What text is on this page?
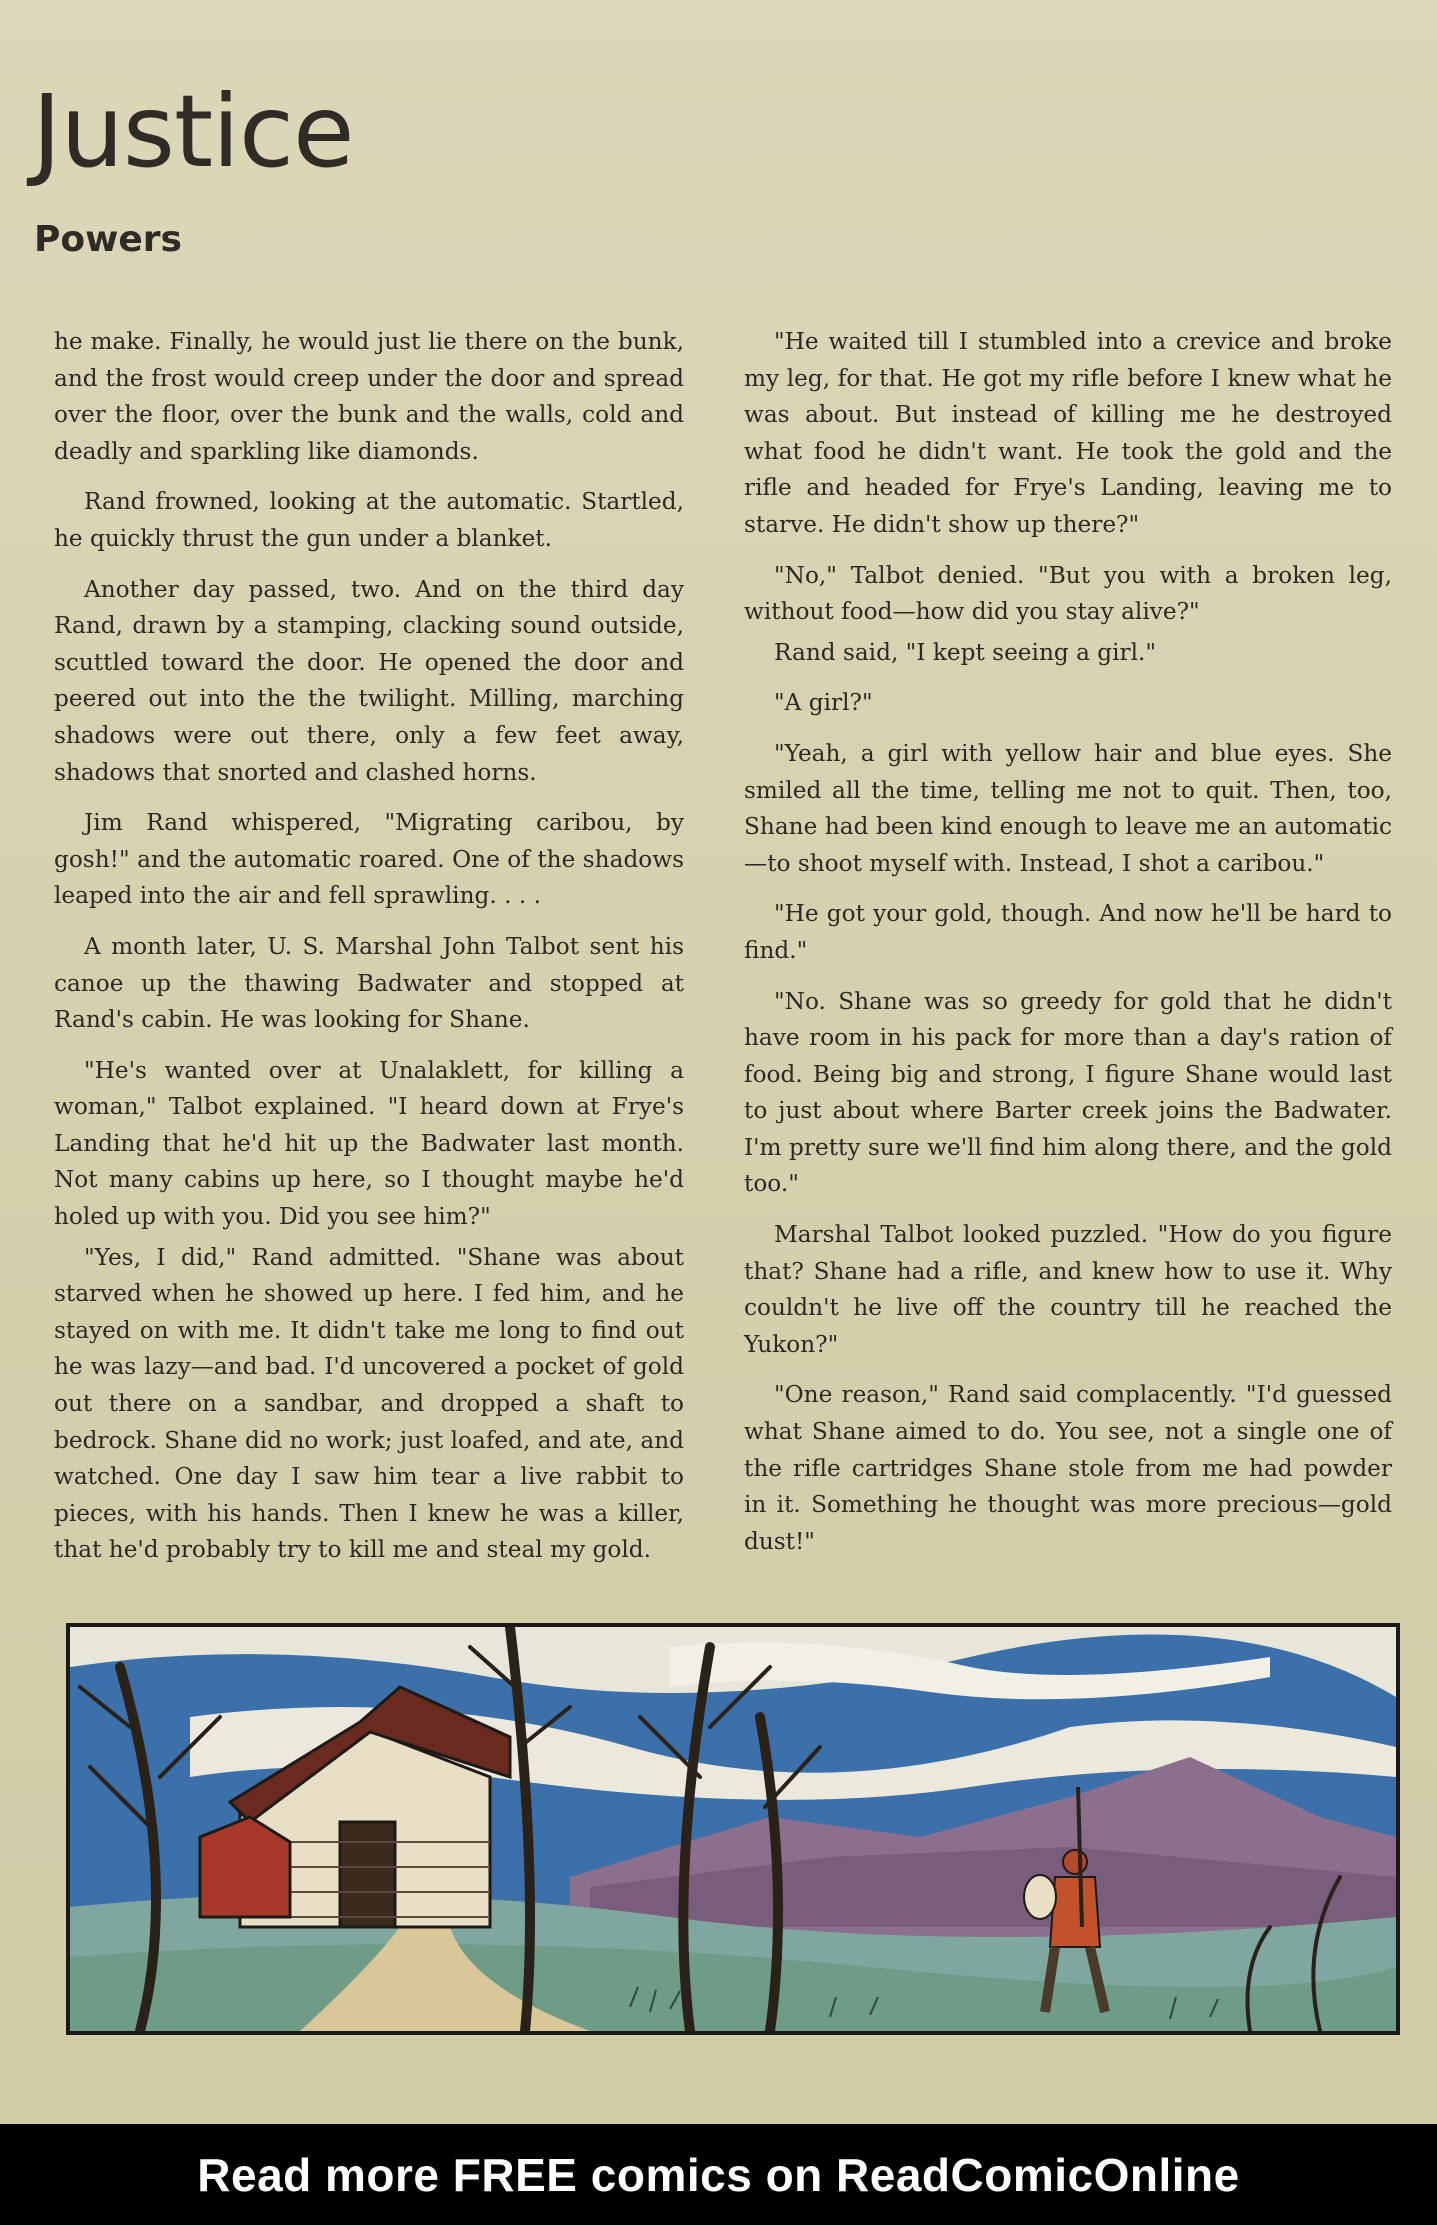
Justice
Powers

he make. Finally, he would just lie there on the bunk, and the frost would creep under the door and spread over the floor, over the bunk and the walls, cold and deadly and sparkling like diamonds.

Rand frowned, looking at the automatic. Startled, he quickly thrust the gun under a blanket.

Another day passed, two. And on the third day Rand, drawn by a stamping, clacking sound outside, scuttled toward the door. He opened the door and peered out into the the twilight. Milling, marching shadows were out there, only a few feet away, shadows that snorted and clashed horns.

Jim Rand whispered, "Migrating caribou, by gosh!" and the automatic roared. One of the shadows leaped into the air and fell sprawling. . . .

A month later, U. S. Marshal John Talbot sent his canoe up the thawing Badwater and stopped at Rand's cabin. He was looking for Shane.

"He's wanted over at Unalaklett, for killing a woman," Talbot explained. "I heard down at Frye's Landing that he'd hit up the Badwater last month. Not many cabins up here, so I thought maybe he'd holed up with you. Did you see him?"

"Yes, I did," Rand admitted. "Shane was about starved when he showed up here. I fed him, and he stayed on with me. It didn't take me long to find out he was lazy—and bad. I'd uncovered a pocket of gold out there on a sandbar, and dropped a shaft to bedrock. Shane did no work; just loafed, and ate, and watched. One day I saw him tear a live rabbit to pieces, with his hands. Then I knew he was a killer, that he'd probably try to kill me and steal my gold.

"He waited till I stumbled into a crevice and broke my leg, for that. He got my rifle before I knew what he was about. But instead of killing me he destroyed what food he didn't want. He took the gold and the rifle and headed for Frye's Landing, leaving me to starve. He didn't show up there?"

"No," Talbot denied. "But you with a broken leg, without food—how did you stay alive?"

Rand said, "I kept seeing a girl."

"A girl?"

"Yeah, a girl with yellow hair and blue eyes. She smiled all the time, telling me not to quit. Then, too, Shane had been kind enough to leave me an automatic—to shoot myself with. Instead, I shot a caribou."

"He got your gold, though. And now he'll be hard to find."

"No. Shane was so greedy for gold that he didn't have room in his pack for more than a day's ration of food. Being big and strong, I figure Shane would last to just about where Barter creek joins the Badwater. I'm pretty sure we'll find him along there, and the gold too."

Marshal Talbot looked puzzled. "How do you figure that? Shane had a rifle, and knew how to use it. Why couldn't he live off the country till he reached the Yukon?"

"One reason," Rand said complacently. "I'd guessed what Shane aimed to do. You see, not a single one of the rifle cartridges Shane stole from me had powder in it. Something he thought was more precious—gold dust!"

Read more FREE comics on ReadComicOnline
